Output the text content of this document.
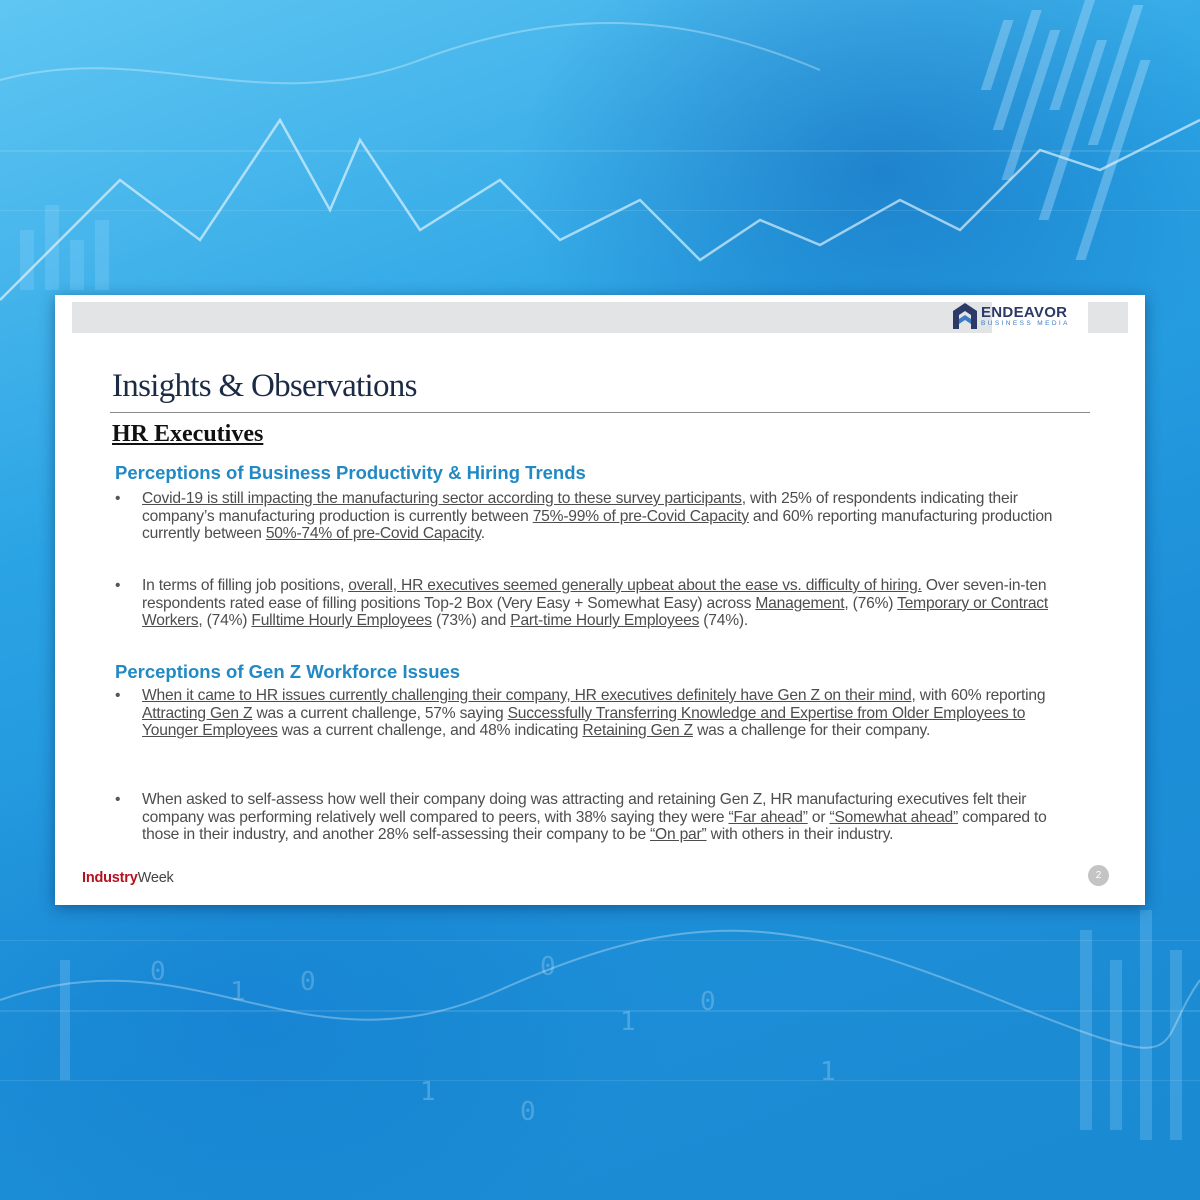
0
1 0	0
1
0
1
0
1
ENDEAVOR
BUSINESS MEDIA
Insights & Observations
HR Executives
Perceptions of Business Productivity & Hiring Trends
• Covid-19 is still impacting the manufacturing sector according to these survey participants, with 25% of respondents indicating their company’s manufacturing production is currently between 75%-99% of pre-Covid Capacity and 60% reporting manufacturing production currently between 50%-74% of pre-Covid Capacity.
• In terms of filling job positions, overall, HR executives seemed generally upbeat about the ease vs. difficulty of hiring. Over seven-in-ten respondents rated ease of filling positions Top-2 Box (Very Easy + Somewhat Easy) across Management, (76%) Temporary or Contract Workers, (74%) Fulltime Hourly Employees (73%) and Part-time Hourly Employees (74%).
Perceptions of Gen Z Workforce Issues
• When it came to HR issues currently challenging their company, HR executives definitely have Gen Z on their mind, with 60% reporting Attracting Gen Z was a current challenge, 57% saying Successfully Transferring Knowledge and Expertise from Older Employees to Younger Employees was a current challenge, and 48% indicating Retaining Gen Z was a challenge for their company.
• When asked to self-assess how well their company doing was attracting and retaining Gen Z, HR manufacturing executives felt their company was performing relatively well compared to peers, with 38% saying they were “Far ahead” or “Somewhat ahead” compared to those in their industry, and another 28% self-assessing their company to be “On par” with others in their industry.
IndustryWeek	2
